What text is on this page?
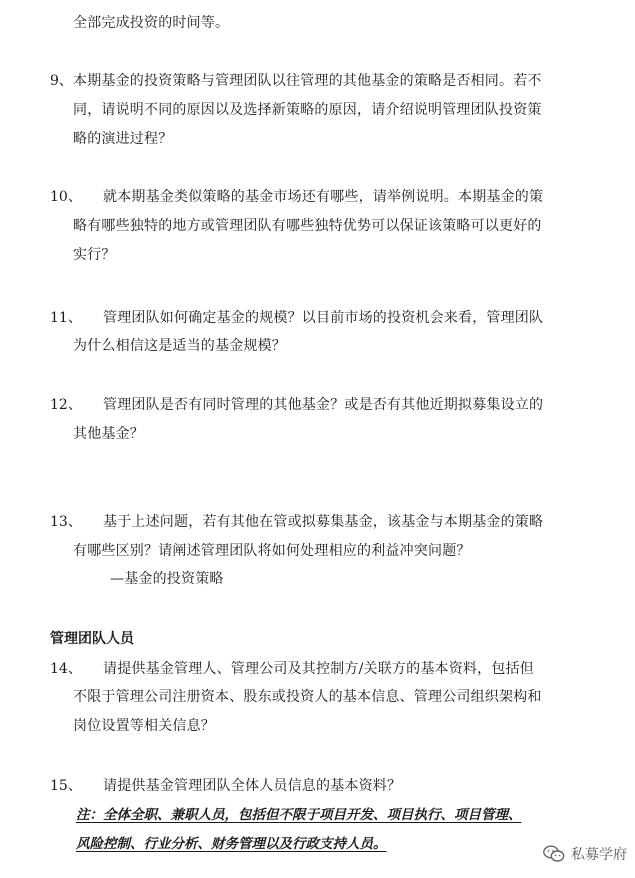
全部完成投资的时间等。
9、 本期基金的投资策略与管理团队以往管理的其他基金的策略是否相同。若不
同，请说明不同的原因以及选择新策略的原因，请介绍说明管理团队投资策
略的演进过程？
10、 就本期基金类似策略的基金市场还有哪些，请举例说明。本期基金的策
略有哪些独特的地方或管理团队有哪些独特优势可以保证该策略可以更好的
实行？
11、 管理团队如何确定基金的规模？以目前市场的投资机会来看，管理团队
为什么相信这是适当的基金规模？
12、 管理团队是否有同时管理的其他基金？或是否有其他近期拟募集设立的
其他基金？
13、 基于上述问题，若有其他在管或拟募集基金，该基金与本期基金的策略
有哪些区别？请阐述管理团队将如何处理相应的利益冲突问题？
—基金的投资策略
管理团队人员
14、 请提供基金管理人、管理公司及其控制方/关联方的基本资料，包括但
不限于管理公司注册资本、股东或投资人的基本信息、管理公司组织架构和
岗位设置等相关信息？
15、 请提供基金管理团队全体人员信息的基本资料？
注：全体全职、兼职人员，包括但不限于项目开发、项目执行、项目管理、
风险控制、行业分析、财务管理以及行政支持人员。
私募学府
